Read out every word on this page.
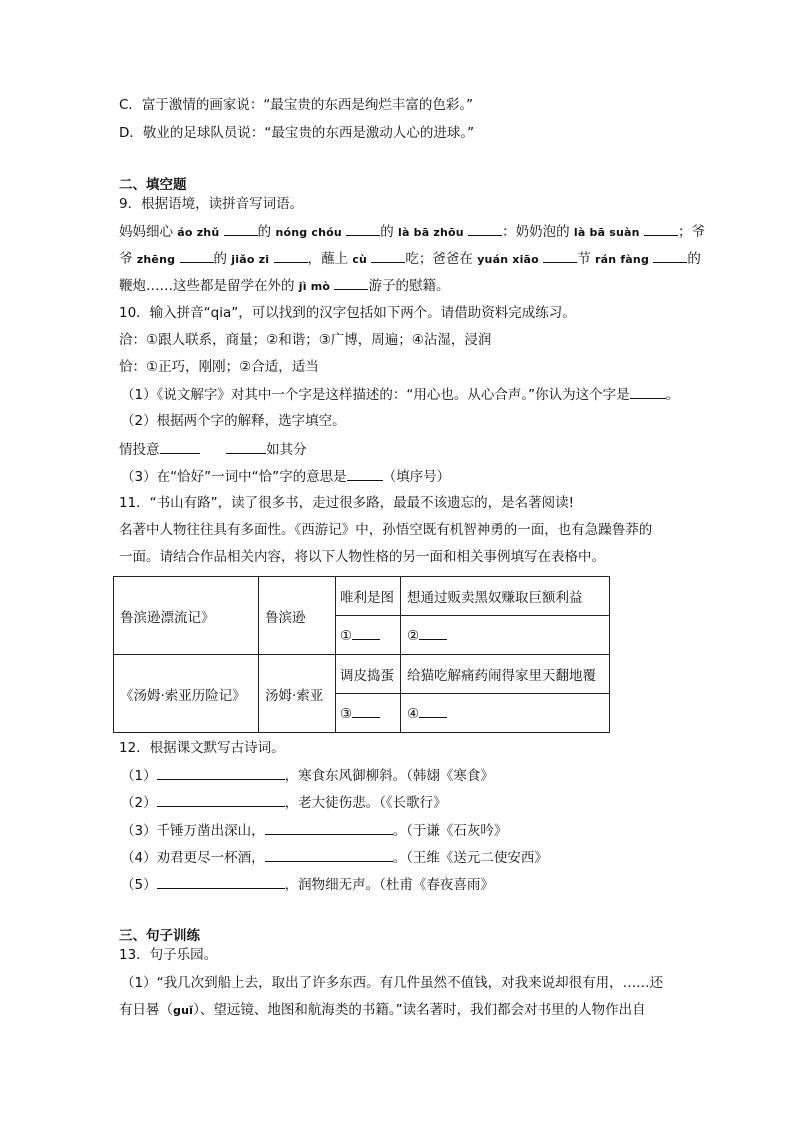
C．富于激情的画家说：“最宝贵的东西是绚烂丰富的色彩。”
D．敬业的足球队员说：“最宝贵的东西是激动人心的进球。”
二、填空题
9．根据语境，读拼音写词语。
妈妈细心 áo zhǔ	的 nóng chóu	的 là bā zhōu	：奶奶泡的 là bā suàn	；爷
爷 zhēng	的 jiǎo zi	，蘸上 cù	吃；爸爸在 yuán xiāo	节 rán fàng	的
鞭炮……这些都是留学在外的 jì mò	游子的慰籍。
10．输入拼音“qia”，可以找到的汉字包括如下两个。请借助资料完成练习。
洽：①跟人联系，商量；②和谐；③广博，周遍；④沾湿，浸润
恰：①正巧，刚刚；②合适，适当
（1）《说文解字》对其中一个字是这样描述的：“用心也。从心合声。”你认为这个字是	。
（2）根据两个字的解释，选字填空。
情投意	如其分
（3）在“恰好”一词中“恰”字的意思是	（填序号）
11．“书山有路”，读了很多书，走过很多路，最最不该遗忘的，是名著阅读!
名著中人物往往具有多面性。《西游记》中，孙悟空既有机智神勇的一面，也有急躁鲁莽的
一面。请结合作品相关内容，将以下人物性格的另一面和相关事例填写在表格中。
鲁滨逊漂流记》	鲁滨逊	唯利是图	想通过贩卖黑奴赚取巨额利益
		①	②
《汤姆·索亚历险记》	汤姆·索亚	调皮捣蛋	给猫吃解痛药闹得家里天翻地覆
		③	④
12．根据课文默写古诗词。
（1）	，寒食东风御柳斜。（韩翃《寒食》
（2）	，老大徒伤悲。（《长歌行》
（3）千锤万凿出深山，	。（于谦《石灰吟》
（4）劝君更尽一杯酒，	。（王维《送元二使安西》
（5）	，润物细无声。（杜甫《春夜喜雨》
三、句子训练
13．句子乐园。
（1）“我几次到船上去，取出了许多东西。有几件虽然不值钱，对我来说却很有用，……还
有日晷（guǐ）、望远镜、地图和航海类的书籍。”读名著时，我们都会对书里的人物作出自
